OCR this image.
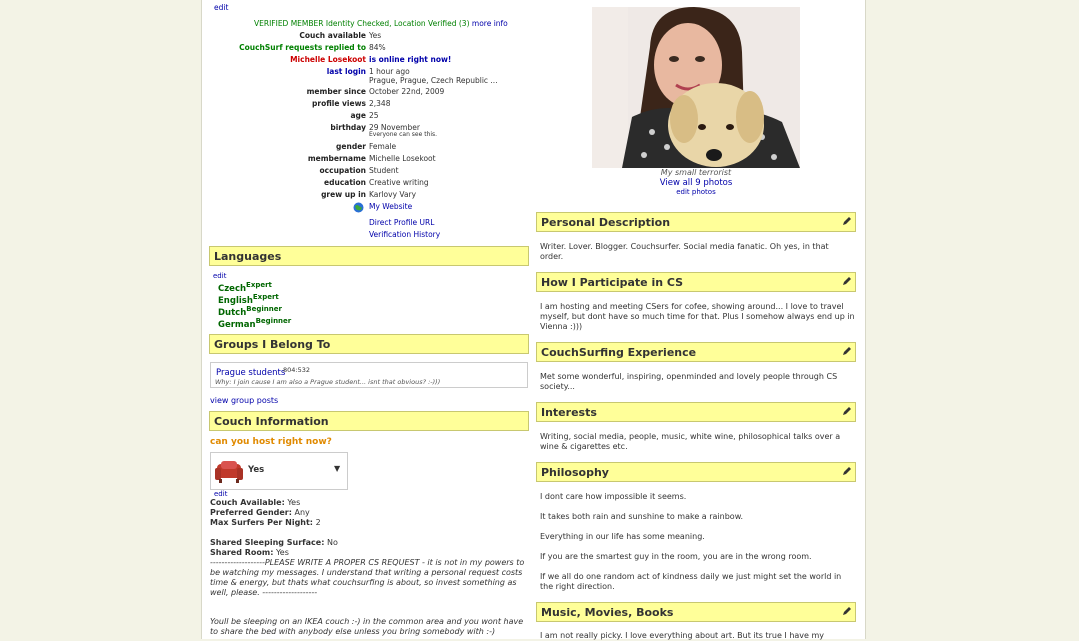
edit
VERIFIED MEMBER Identity Checked, Location Verified (3) more info
Couch available Yes
CouchSurf requests replied to 84%
Michelle Losekoot is online right now!
last login 1 hour ago
Prague, Prague, Czech Republic ...
member since October 22nd, 2009
profile views 2,348
age 25
birthday 29 November
Everyone can see this.
gender Female
membername Michelle Losekoot
occupation Student
education Creative writing
grew up in Karlovy Vary
My Website
Direct Profile URL
Verification History
My small terrorist
View all 9 photos
edit photos
Languages
edit
Czech$^{Expert}$
English$^{Expert}$
Dutch$^{Beginner}$
German$^{Beginner}$
Groups I Belong To
Prague students
804:532
Why: I join cause I am also a Prague student... isnt that obvious? :-)))
view group posts
Couch Information
can you host right now?
Yes	▼
edit
Couch Available: Yes
Preferred Gender: Any
Max Surfers Per Night: 2
Shared Sleeping Surface: No
Shared Room: Yes
-------------------PLEASE WRITE A PROPER CS REQUEST - it is not in my powers to be watching my messages. I understand that writing a personal request costs time & energy, but thats what couchsurfing is about, so invest something as well, please. -------------------
Youll be sleeping on an IKEA couch :-) in the common area and you wont have to share the bed with anybody else unless you bring somebody with :-)
Personal Description
Writer. Lover. Blogger. Couchsurfer. Social media fanatic. Oh yes, in that order.
How I Participate in CS
I am hosting and meeting CSers for cofee, showing around... I love to travel myself, but dont have so much time for that. Plus I somehow always end up in Vienna :)))
CouchSurfing Experience
Met some wonderful, inspiring, openminded and lovely people through CS society...
Interests
Writing, social media, people, music, white wine, philosophical talks over a wine & cigarettes etc.
Philosophy
I dont care how impossible it seems.
It takes both rain and sunshine to make a rainbow.
Everything in our life has some meaning.
If you are the smartest guy in the room, you are in the wrong room.
If we all do one random act of kindness daily we just might set the world in the right direction.
Music, Movies, Books
I am not really picky. I love everything about art. But its true I have my
